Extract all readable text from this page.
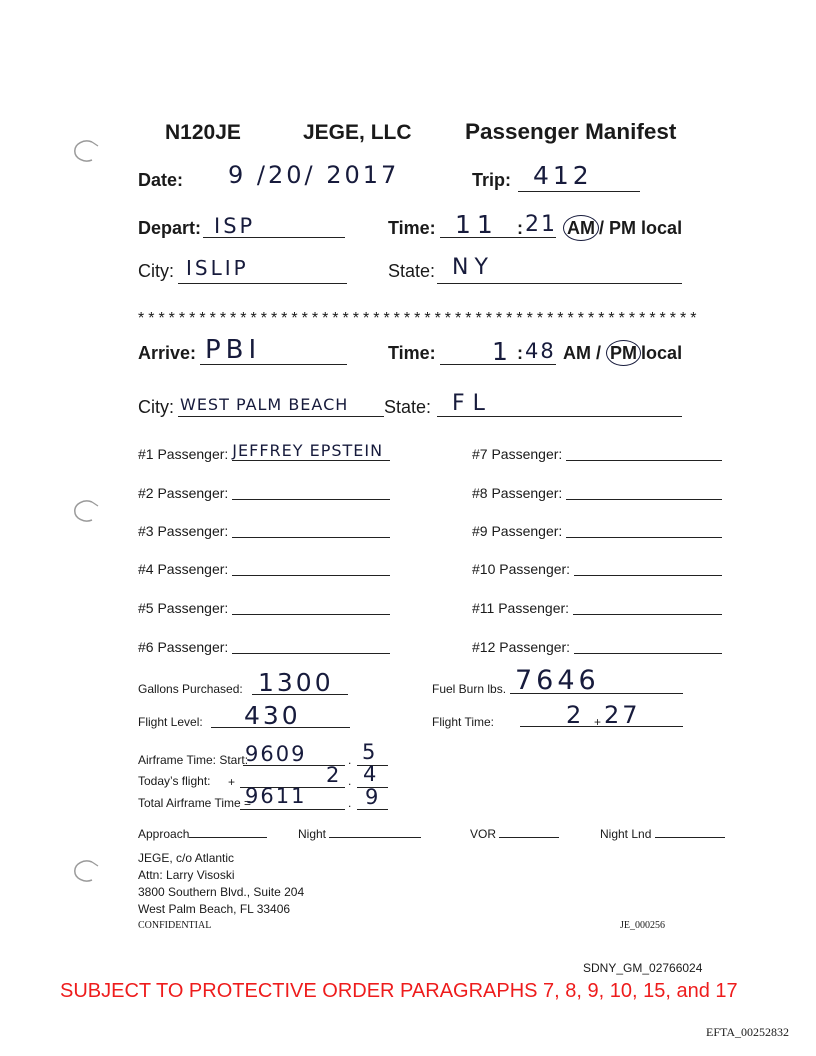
N120JE	JEGE, LLC Passenger Manifest
Date: 9 /20/ 2017	Trip: 412
Depart: ISP	Time: 11 : 21 AM / PM local
City: ISLIP	State: NY
*******************************************************
Arrive: PBI	Time: 1 : 48 AM / PM local
City: WEST PALM BEACH State: FL
#1 Passenger: JEFFREY EPSTEIN
#2 Passenger:
#3 Passenger:
#4 Passenger:
#5 Passenger:
#6 Passenger:
#7 Passenger:
#8 Passenger:
#9 Passenger:
#10 Passenger:
#11 Passenger:
#12 Passenger:
Gallons Purchased: 1300	Fuel Burn lbs. 7646
Flight Level: 430	Flight Time:	2 + 27
Airframe Time: Start:
9609	. 5
Today’s flight: +	2 . 4
Total Airframe Time =
9611	. 9
Approach	Night	VOR	Night Lnd
JEGE, c/o Atlantic
Attn: Larry Visoski
3800 Southern Blvd., Suite 204
West Palm Beach, FL 33406
CONFIDENTIAL	JE_000256
SDNY_GM_02766024
SUBJECT TO PROTECTIVE ORDER PARAGRAPHS 7, 8, 9, 10, 15, and 17
EFTA_00252832
